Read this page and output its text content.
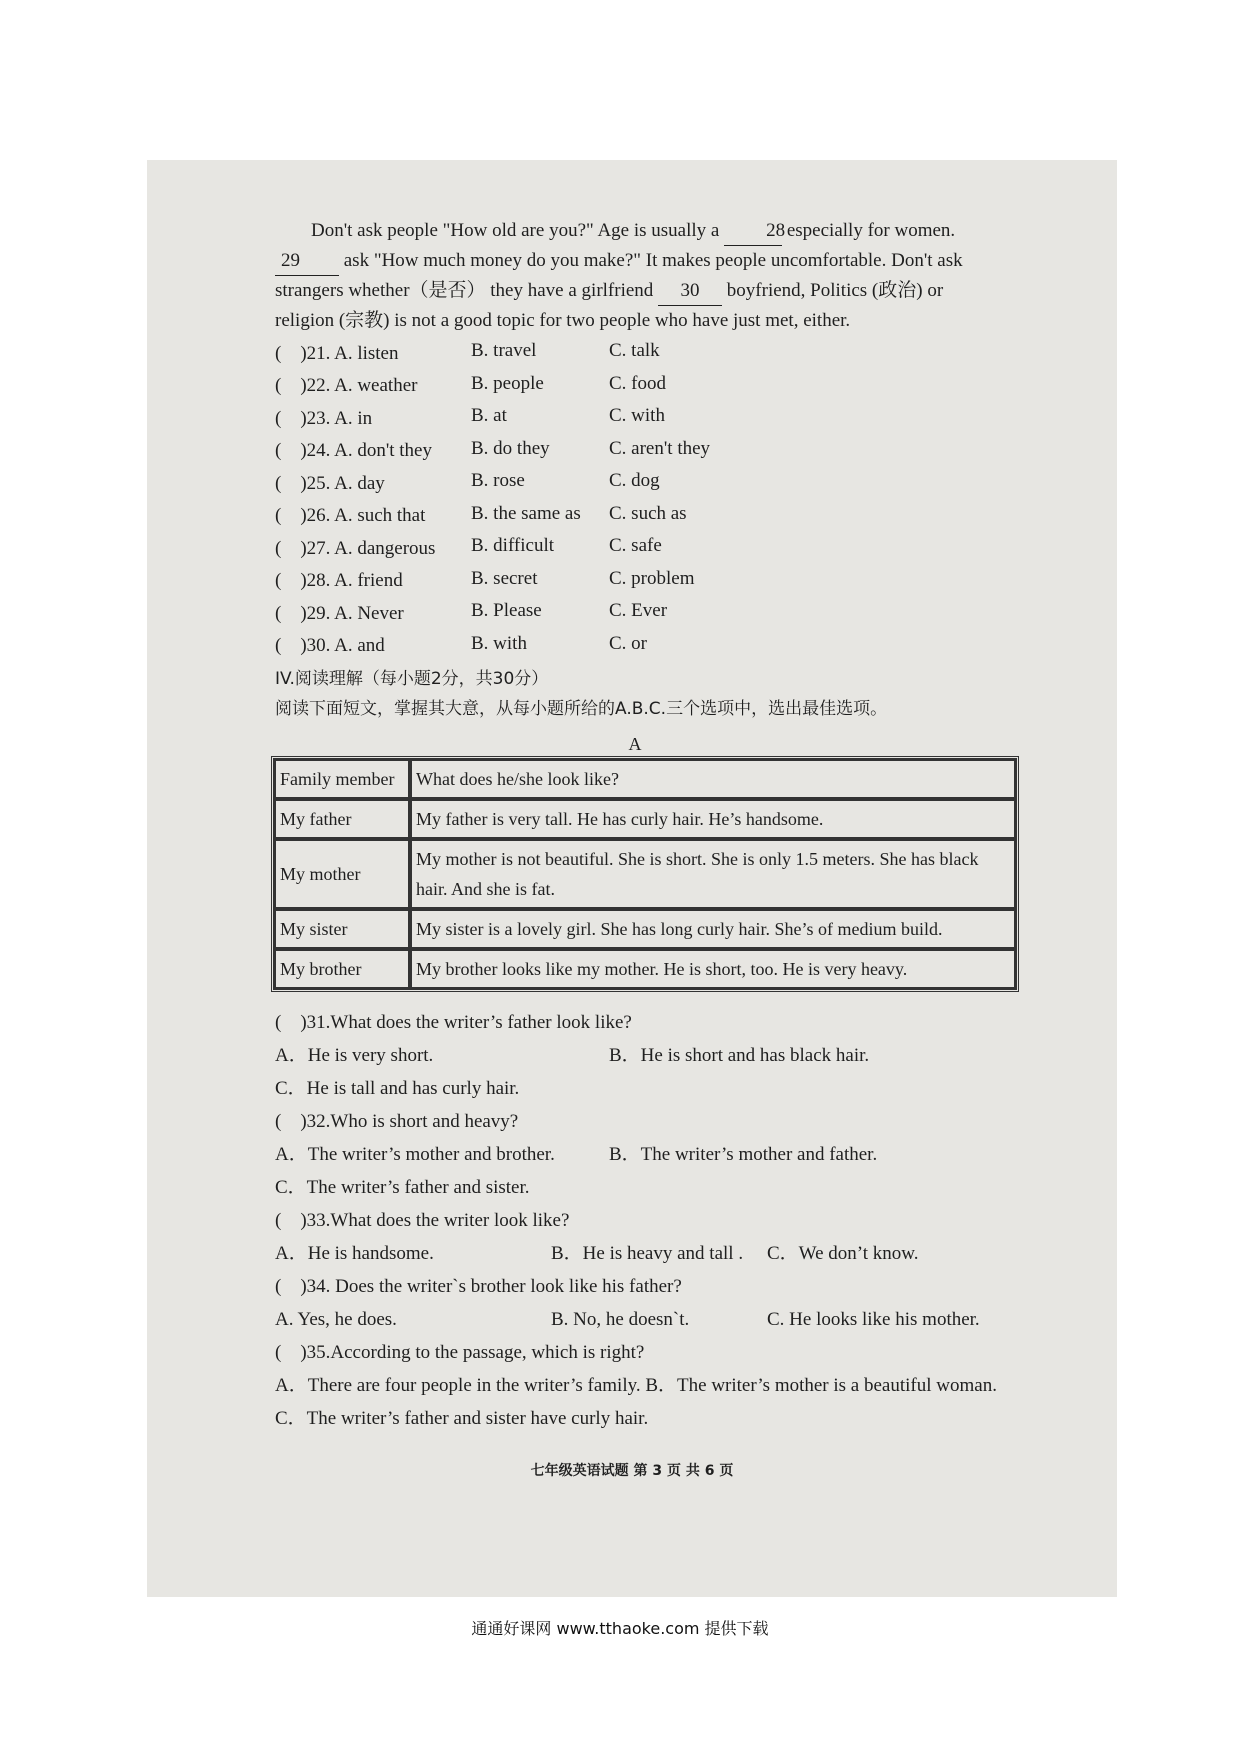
Don't ask people "How old are you?" Age is usually a 28 especially for women.
29 ask "How much money do you make?" It makes people uncomfortable. Don't ask
strangers whether（是否） they have a girlfriend 30 boyfriend, Politics (政治) or
religion (宗教) is not a good topic for two people who have just met, either.
(　)21. A. listen	B. travel	C. talk
(　)22. A. weather	B. people	C. food
(　)23. A. in	B. at	C. with
(　)24. A. don't they	B. do they	C. aren't they
(　)25. A. day	B. rose	C. dog
(　)26. A. such that	B. the same as	C. such as
(　)27. A. dangerous	B. difficult	C. safe
(　)28. A. friend	B. secret	C. problem
(　)29. A. Never	B. Please	C. Ever
(　)30. A. and	B. with	C. or
IV.阅读理解（每小题2分，共30分）
阅读下面短文，掌握其大意，从每小题所给的A.B.C.三个选项中，选出最佳选项。
A
Family member	What does he/she look like?
My father	My father is very tall. He has curly hair. He’s handsome.
My mother	My mother is not beautiful. She is short. She is only 1.5 meters. She has black hair. And she is fat.
My sister	My sister is a lovely girl. She has long curly hair. She’s of medium build.
My brother	My brother looks like my mother. He is short, too. He is very heavy.
(　)31.What does the writer’s father look like?
A．He is very short.	B．He is short and has black hair.
C．He is tall and has curly hair.
(　)32.Who is short and heavy?
A．The writer’s mother and brother.	B．The writer’s mother and father.
C．The writer’s father and sister.
(　)33.What does the writer look like?
A．He is handsome.	B．He is heavy and tall .	C．We don’t know.
(　)34. Does the writer`s brother look like his father?
A. Yes, he does.	B. No, he doesn`t.	C. He looks like his mother.
(　)35.According to the passage, which is right?
A．There are four people in the writer’s family. B．The writer’s mother is a beautiful woman.
C．The writer’s father and sister have curly hair.
七年级英语试题 第 3 页 共 6 页
通通好课网 www.tthaoke.com 提供下载
